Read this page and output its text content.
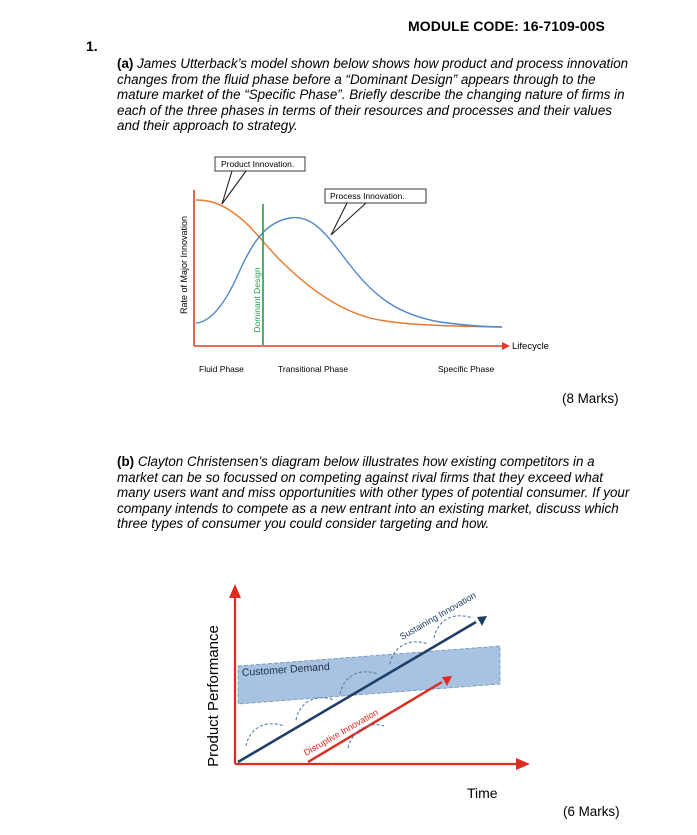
MODULE CODE: 16-7109-00S
1.
(a) James Utterback’s model shown below shows how product and process innovation changes from the fluid phase before a “Dominant Design” appears through to the mature market of the “Specific Phase”. Briefly describe the changing nature of firms in each of the three phases in terms of their resources and processes and their values and their approach to strategy.
Rate of Major Innovation
Lifecycle
Dominant Design
Product Innovation.
Process Innovation.
Fluid Phase	Transitional Phase	Specific Phase
(8 Marks)
(b) Clayton Christensen’s diagram below illustrates how existing competitors in a market can be so focussed on competing against rival firms that they exceed what many users want and miss opportunities with other types of potential consumer. If your company intends to compete as a new entrant into an existing market, discuss which three types of consumer you could consider targeting and how.
Customer Demand
Product Performance
Time
Sustaining Innovation
Disruptive Innovation
(6 Marks)
